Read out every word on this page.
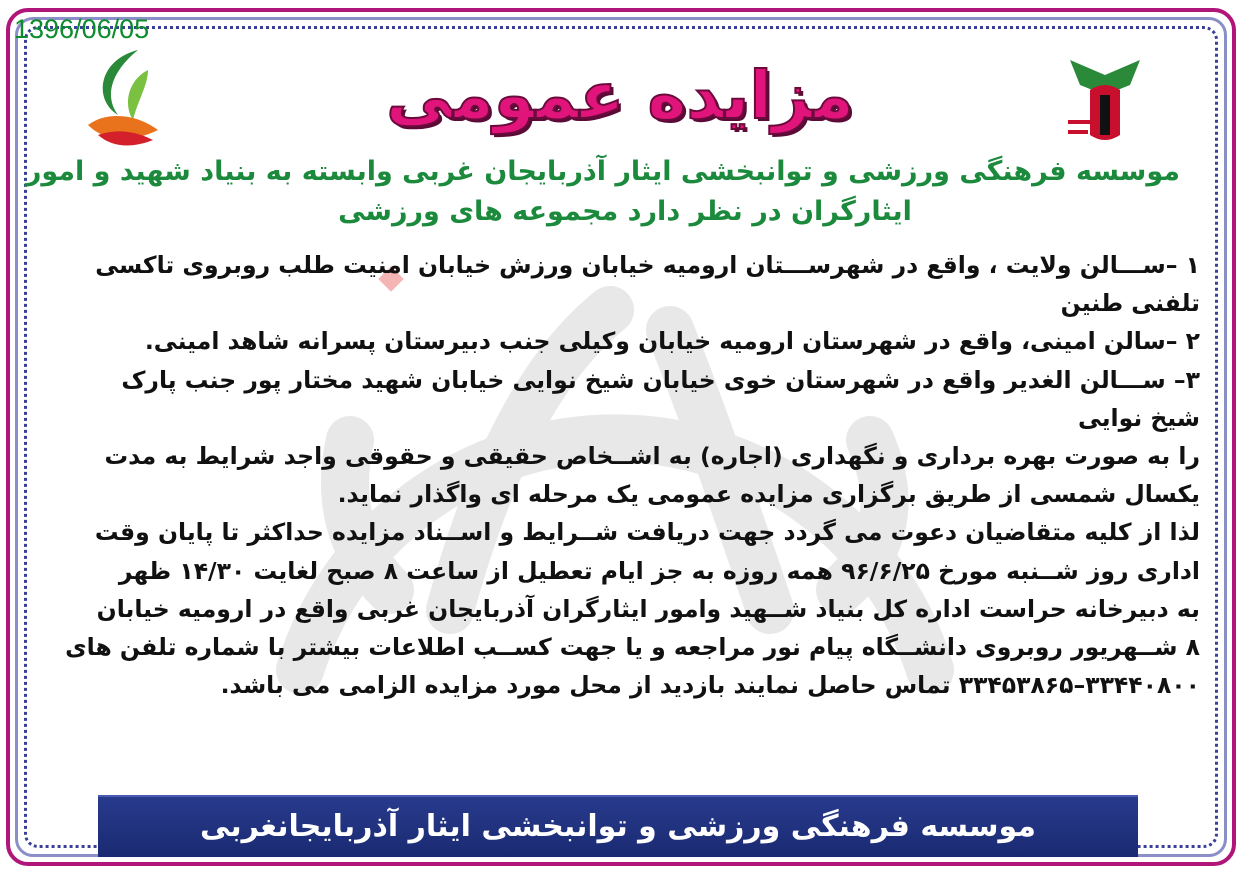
1396/06/05
مزایده عمومی
موسسه فرهنگی ورزشی و توانبخشی ایثار آذربایجان غربی وابسته به بنیاد شهید و امور
ایثارگران در نظر دارد مجموعه های ورزشی
۱ –ســـالن ولایت ، واقع در شهرســـتان ارومیه خیابان ورزش خیابان امنیت طلب روبروی تاکسی
تلفنی طنین
۲ –سالن امینی، واقع در شهرستان ارومیه خیابان وکیلی جنب دبیرستان پسرانه شاهد امینی.
۳– ســـالن الغدیر واقع در شهرستان خوی خیابان شیخ نوایی خیابان شهید مختار پور جنب پارک
شیخ نوایی
را به صورت بهره برداری و نگهداری (اجاره) به اشــخاص حقیقی و حقوقی واجد شرایط به مدت
یکسال شمسی از طریق برگزاری مزایده عمومی یک مرحله ای واگذار نماید.
لذا از کلیه متقاضیان دعوت می گردد جهت دریافت شــرایط و اســناد مزایده حداکثر تا پایان وقت
اداری روز شــنبه مورخ ۹۶/۶/۲۵ همه روزه به جز ایام تعطیل از ساعت ۸ صبح لغایت ۱۴/۳۰ ظهر
به دبیرخانه حراست اداره کل بنیاد شــهید وامور ایثارگران آذربایجان غربی واقع در ارومیه خیابان
۸ شــهریور روبروی دانشــگاه پیام نور مراجعه و یا جهت کســب اطلاعات بیشتر با شماره تلفن های
۳۳۴۴۰۸۰۰–۳۳۴۵۳۸۶۵ تماس حاصل نمایند بازدید از محل مورد مزایده الزامی می باشد.
موسسه فرهنگی ورزشی و توانبخشی ایثار آذربایجانغربی
